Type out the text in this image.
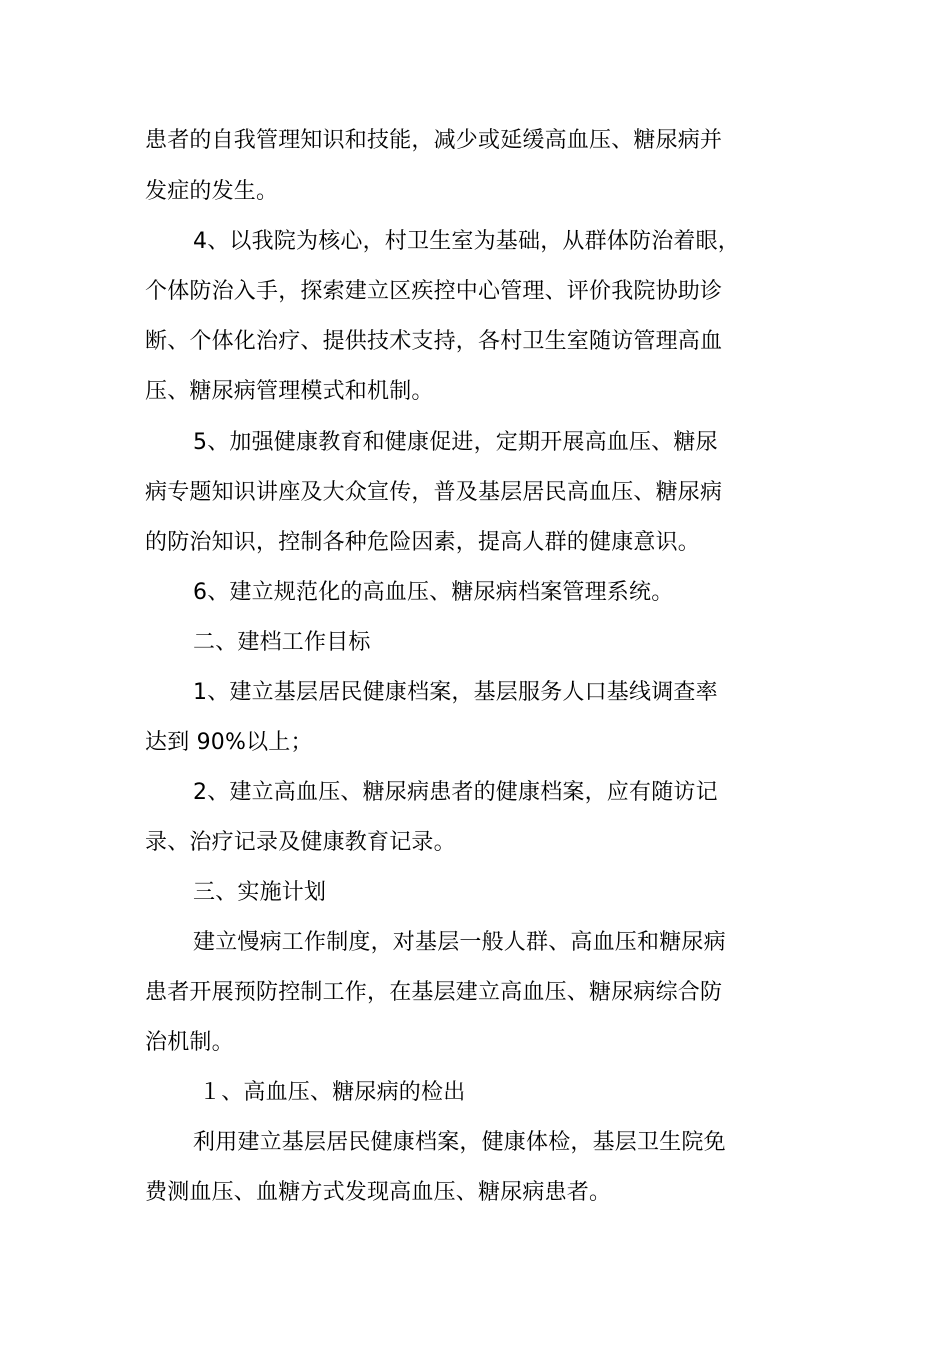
患者的自我管理知识和技能，减少或延缓高血压、糖尿病并
发症的发生。
4、以我院为核心，村卫生室为基础，从群体防治着眼，
个体防治入手，探索建立区疾控中心管理、评价我院协助诊
断、个体化治疗、提供技术支持，各村卫生室随访管理高血
压、糖尿病管理模式和机制。
5、加强健康教育和健康促进，定期开展高血压、糖尿
病专题知识讲座及大众宣传，普及基层居民高血压、糖尿病
的防治知识，控制各种危险因素，提高人群的健康意识。
6、建立规范化的高血压、糖尿病档案管理系统。
二、建档工作目标
1、建立基层居民健康档案，基层服务人口基线调查率
达到 90%以上；
2、建立高血压、糖尿病患者的健康档案，应有随访记
录、治疗记录及健康教育记录。
三、实施计划
建立慢病工作制度，对基层一般人群、高血压和糖尿病
患者开展预防控制工作，在基层建立高血压、糖尿病综合防
治机制。
１、高血压、糖尿病的检出
利用建立基层居民健康档案，健康体检，基层卫生院免
费测血压、血糖方式发现高血压、糖尿病患者。
